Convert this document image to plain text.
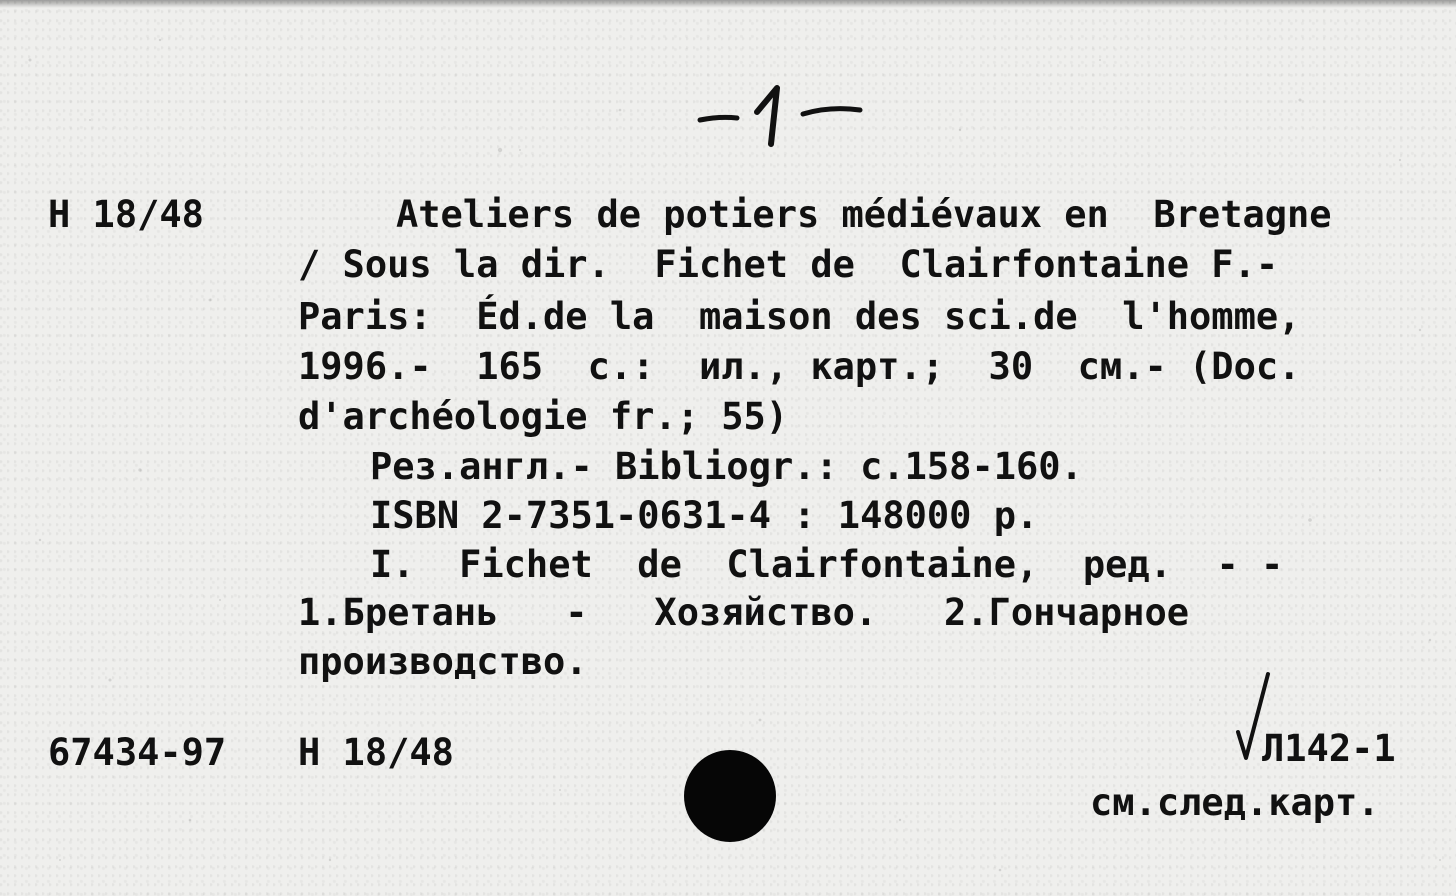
H 18/48	Ateliers de potiers médiévaux en  Bretagne
/ Sous la dir.  Fichet de  Clairfontaine F.-
Paris:  Éd.de la  maison des sci.de  l'homme,
1996.-  165  с.:  ил., карт.;  30  см.- (Doc.
d'archéologie fr.; 55)
Рез.англ.- Bibliogr.: c.158-160.
ISBN 2-7351-0631-4 : 148000 р.
I.  Fichet  de  Clairfontaine,  ред.  - -
1.Бретань   -   Хозяйство.   2.Гончарное
производство.
67434-97 H 18/48	Л142-1
см.след.карт.
